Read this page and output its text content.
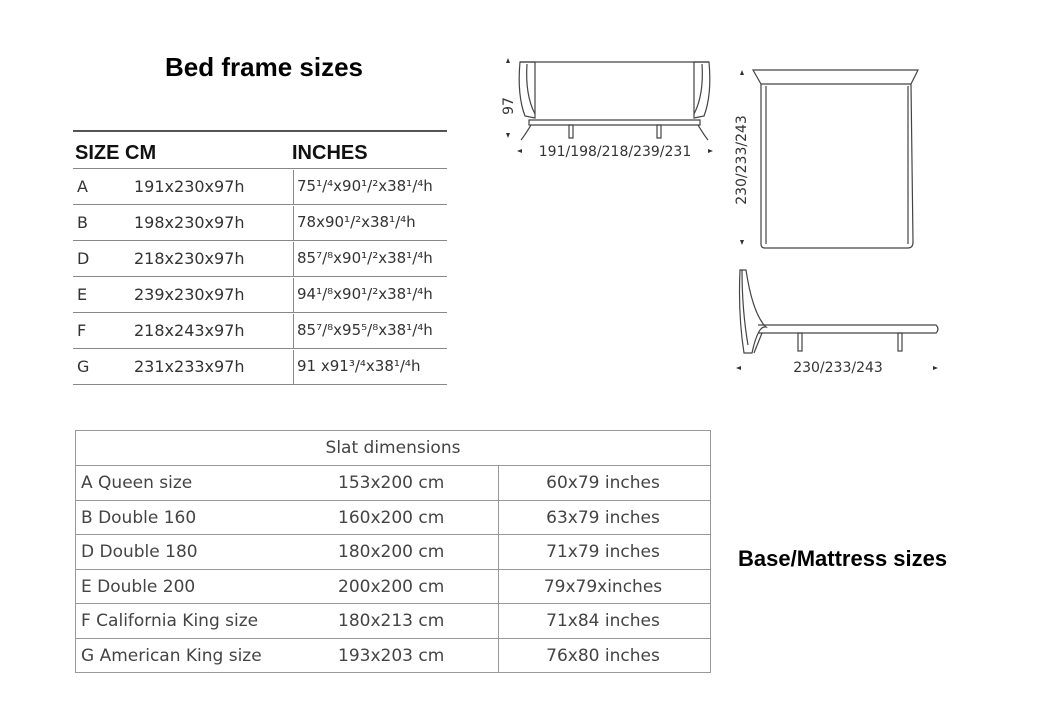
Bed frame sizes
SIZE CM	INCHES
A	191x230x97h	75¹/⁴x90¹/²x38¹/⁴h
B	198x230x97h	78x90¹/²x38¹/⁴h
D	218x230x97h	85⁷/⁸x90¹/²x38¹/⁴h
E	239x230x97h	94¹/⁸x90¹/²x38¹/⁴h
F	218x243x97h	85⁷/⁸x95⁵/⁸x38¹/⁴h
G	231x233x97h	91 x91³/⁴x38¹/⁴h
Slat dimensions
A Queen size	153x200 cm	60x79 inches
B Double 160	160x200 cm	63x79 inches
D Double 180	180x200 cm	71x79 inches
E Double 200	200x200 cm	79x79xinches
F California King size	180x213 cm	71x84 inches
G American King size	193x203 cm	76x80 inches
Base/Mattress sizes
97
191/198/218/239/231	230/233/243
230/233/243
